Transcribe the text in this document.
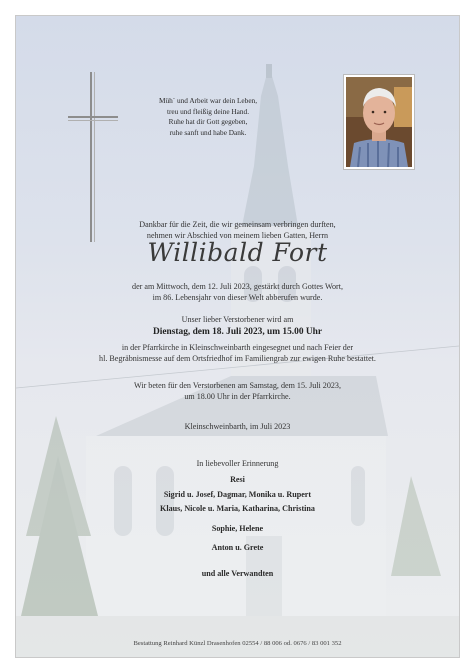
Müh` und Arbeit war dein Leben,
treu und fleißig deine Hand.
Ruhe hat dir Gott gegeben,
ruhe sanft und habe Dank.
Dankbar für die Zeit, die wir gemeinsam verbringen durften,
nehmen wir Abschied von meinem lieben Gatten, Herrn
Willibald Fort
der am Mittwoch, dem 12. Juli 2023, gestärkt durch Gottes Wort,
im 86. Lebensjahr von dieser Welt abberufen wurde.
Unser lieber Verstorbener wird am
Dienstag, dem 18. Juli 2023, um 15.00 Uhr
in der Pfarrkirche in Kleinschweinbarth eingesegnet und nach Feier der
hl. Begräbnismesse auf dem Ortsfriedhof im Familiengrab zur ewigen Ruhe bestattet.
Wir beten für den Verstorbenen am Samstag, dem 15. Juli 2023,
um 18.00 Uhr in der Pfarrkirche.
Kleinschweinbarth, im Juli 2023
In liebevoller Erinnerung
Resi
Sigrid u. Josef, Dagmar, Monika u. Rupert
Klaus, Nicole u. Maria, Katharina, Christina
Sophie, Helene
Anton u. Grete
und alle Verwandten
Bestattung Reinhard Künzl Drasenhofen 02554 / 88 006 od. 0676 / 83 001 352
